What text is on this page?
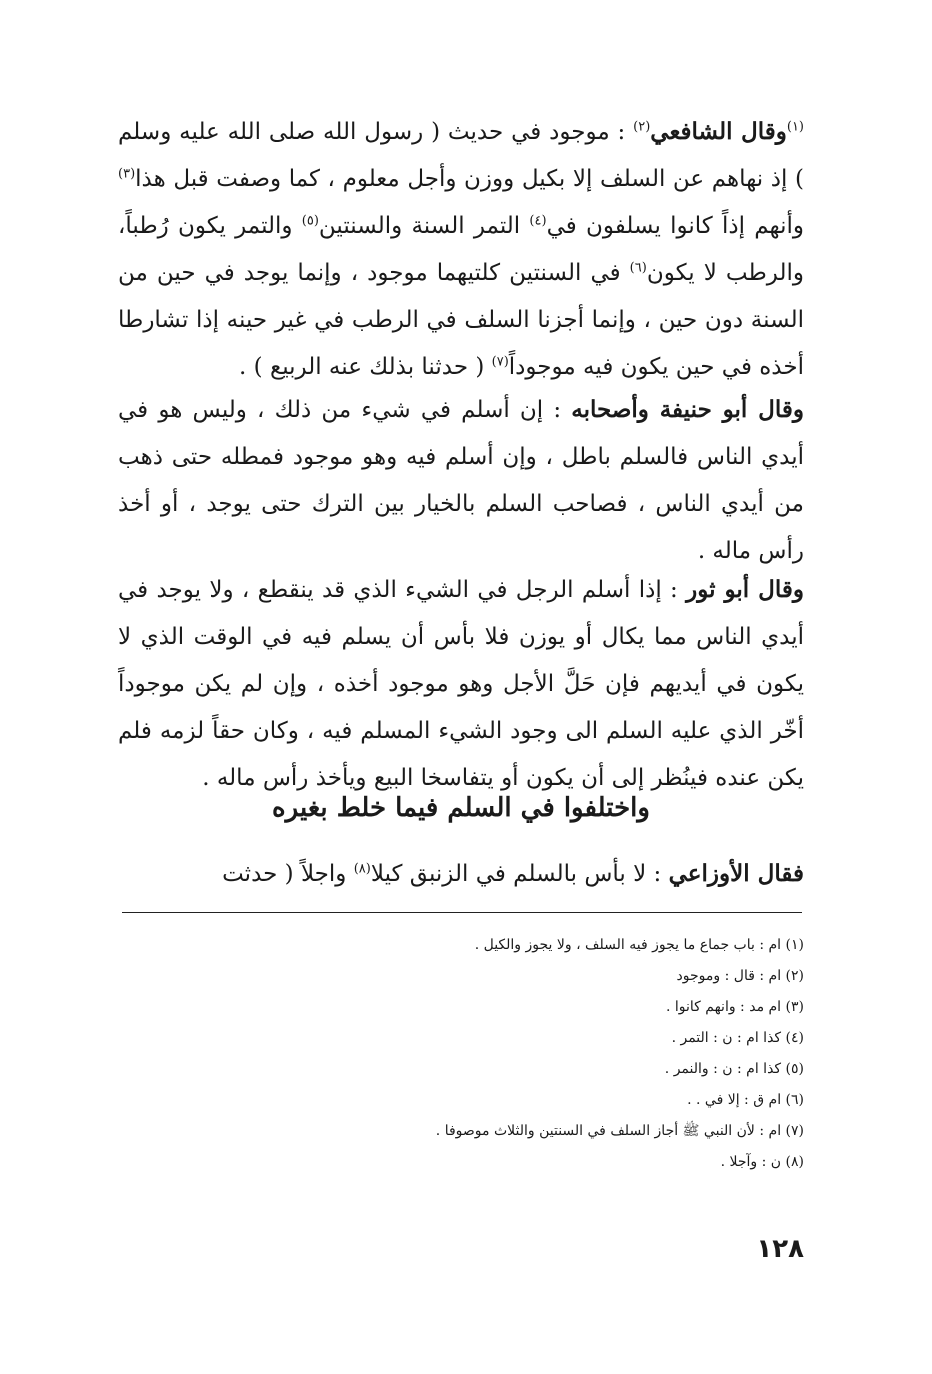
$^{(١)}$وقال الشافعي$^{(٢)}$ : موجود في حديث ( رسول الله صلى الله عليه وسلم ) إذ نهاهم عن السلف إلا بكيل ووزن وأجل معلوم ، كما وصفت قبل هذا$^{(٣)}$ وأنهم إذاً كانوا يسلفون في$^{(٤)}$ التمر السنة والسنتين$^{(٥)}$ والتمر يكون رُطباً، والرطب لا يكون$^{(٦)}$ في السنتين كلتيهما موجود ، وإنما يوجد في حين من السنة دون حين ، وإنما أجزنا السلف في الرطب في غير حينه إذا تشارطا أخذه في حين يكون فيه موجوداً$^{(٧)}$ ( حدثنا بذلك عنه الربيع ) .
وقال أبو حنيفة وأصحابه : إن أسلم في شيء من ذلك ، وليس هو في أيدي الناس فالسلم باطل ، وإن أسلم فيه وهو موجود فمطله حتى ذهب من أيدي الناس ، فصاحب السلم بالخيار بين الترك حتى يوجد ، أو أخذ رأس ماله .
وقال أبو ثور : إذا أسلم الرجل في الشيء الذي قد ينقطع ، ولا يوجد في أيدي الناس مما يكال أو يوزن فلا بأس أن يسلم فيه في الوقت الذي لا يكون في أيديهم فإن حَلَّ الأجل وهو موجود أخذه ، وإن لم يكن موجوداً أخّر الذي عليه السلم الى وجود الشيء المسلم فيه ، وكان حقاً لزمه فلم يكن عنده فينُظر إلى أن يكون أو يتفاسخا البيع ويأخذ رأس ماله .
واختلفوا في السلم فيما خلط بغيره
فقال الأوزاعي : لا بأس بالسلم في الزنبق كيلا$^{(٨)}$ واجلاً ( حدثت
(١) ام : باب جماع ما يجوز فيه السلف ، ولا يجوز والكيل .
(٢) ام : قال : وموجود
(٣) ام مد : وانهم كانوا .
(٤) كذا ام : ن : التمر .
(٥) كذا ام : ن : والنمر .
(٦) ام ق : إلا في . .
(٧) ام : لأن النبي ﷺ أجاز السلف في السنتين والثلاث موصوفا .
(٨) ن : وآجلا .
١٢٨
